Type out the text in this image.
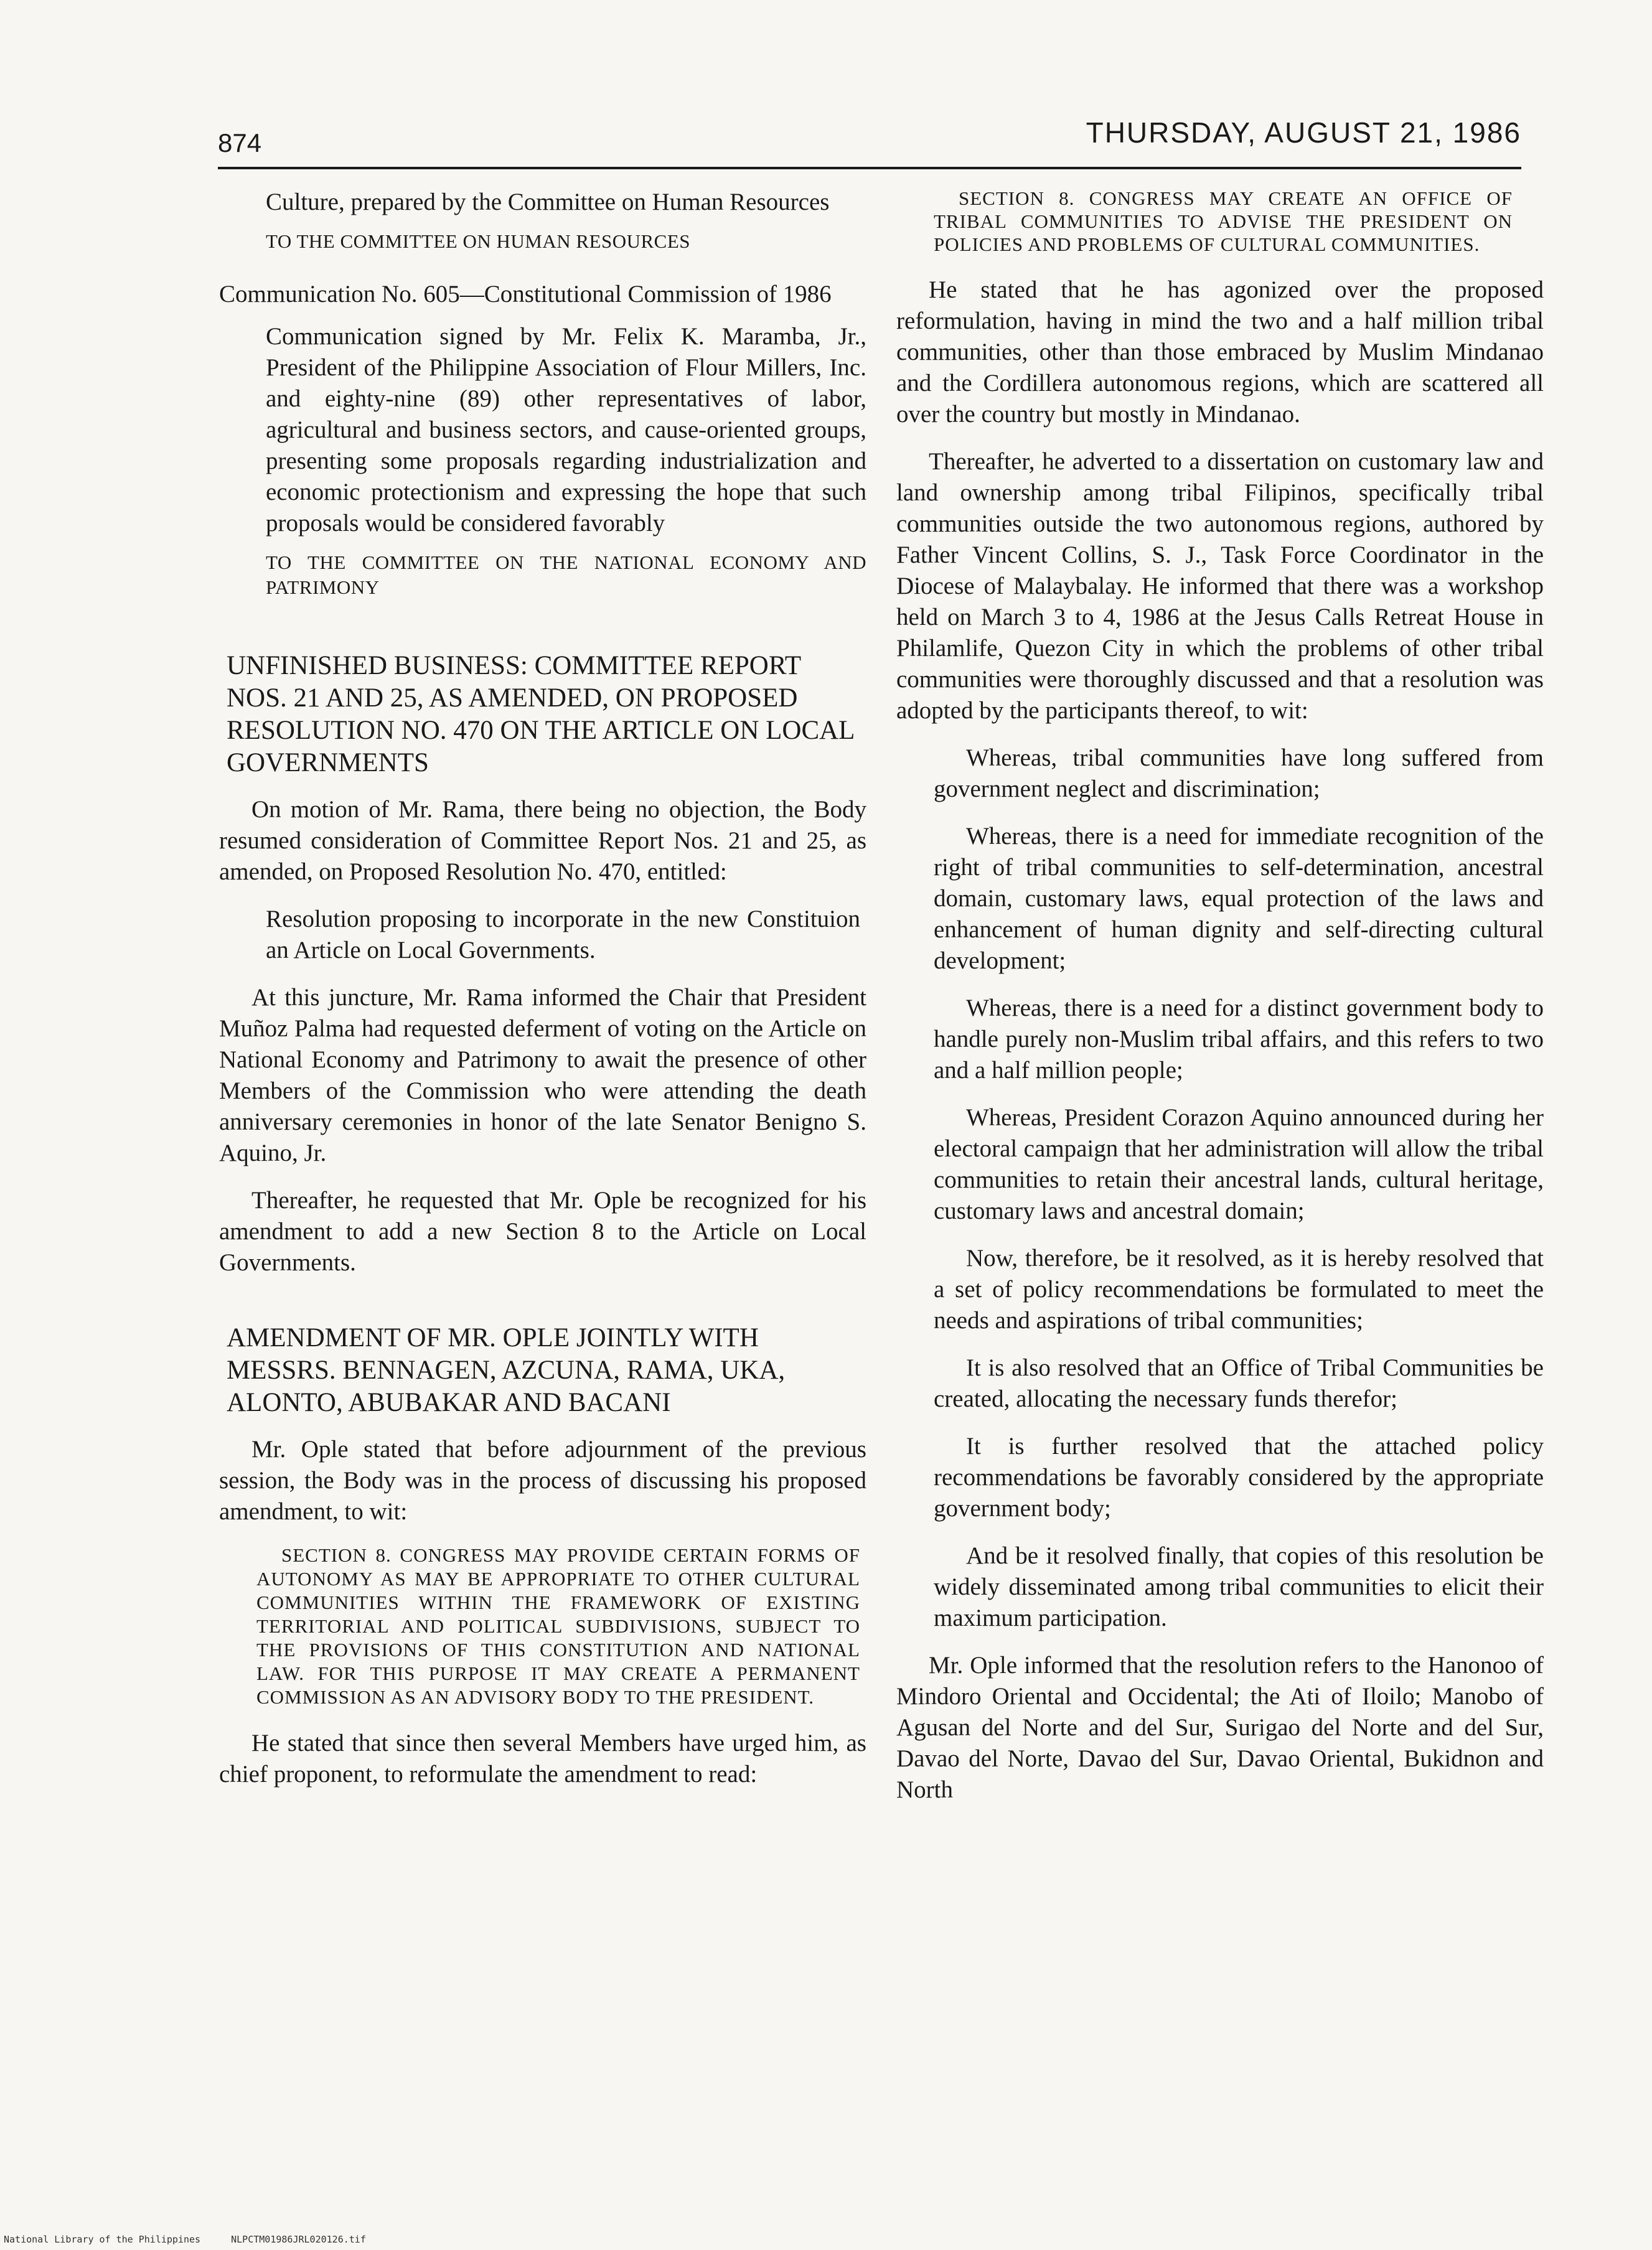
874	THURSDAY, AUGUST 21, 1986

Culture, prepared by the Committee on Human Resources

TO THE COMMITTEE ON HUMAN RESOURCES

Communication No. 605—Constitutional Commission of 1986

Communication signed by Mr. Felix K. Maramba, Jr., President of the Philippine Association of Flour Millers, Inc. and eighty-nine (89) other representatives of labor, agricultural and business sectors, and cause-oriented groups, presenting some proposals regarding industrialization and economic protectionism and expressing the hope that such proposals would be considered favorably

TO THE COMMITTEE ON THE NATIONAL ECONOMY AND PATRIMONY

UNFINISHED BUSINESS: COMMITTEE REPORT NOS. 21 AND 25, AS AMENDED, ON PROPOSED RESOLUTION NO. 470 ON THE ARTICLE ON LOCAL GOVERNMENTS

On motion of Mr. Rama, there being no objection, the Body resumed consideration of Committee Report Nos. 21 and 25, as amended, on Proposed Resolution No. 470, entitled:

Resolution proposing to incorporate in the new Constituion an Article on Local Governments.

At this juncture, Mr. Rama informed the Chair that President Muñoz Palma had requested deferment of voting on the Article on National Economy and Patrimony to await the presence of other Members of the Commission who were attending the death anniversary ceremonies in honor of the late Senator Benigno S. Aquino, Jr.

Thereafter, he requested that Mr. Ople be recognized for his amendment to add a new Section 8 to the Article on Local Governments.

AMENDMENT OF MR. OPLE JOINTLY WITH MESSRS. BENNAGEN, AZCUNA, RAMA, UKA, ALONTO, ABUBAKAR AND BACANI

Mr. Ople stated that before adjournment of the previous session, the Body was in the process of discussing his proposed amendment, to wit:

SECTION 8. CONGRESS MAY PROVIDE CERTAIN FORMS OF AUTONOMY AS MAY BE APPROPRIATE TO OTHER CULTURAL COMMUNITIES WITHIN THE FRAMEWORK OF EXISTING TERRITORIAL AND POLITICAL SUBDIVISIONS, SUBJECT TO THE PROVISIONS OF THIS CONSTITUTION AND NATIONAL LAW. FOR THIS PURPOSE IT MAY CREATE A PERMANENT COMMISSION AS AN ADVISORY BODY TO THE PRESIDENT.

He stated that since then several Members have urged him, as chief proponent, to reformulate the amendment to read:

SECTION 8. CONGRESS MAY CREATE AN OFFICE OF TRIBAL COMMUNITIES TO ADVISE THE PRESIDENT ON POLICIES AND PROBLEMS OF CULTURAL COMMUNITIES.

He stated that he has agonized over the proposed reformulation, having in mind the two and a half million tribal communities, other than those embraced by Muslim Mindanao and the Cordillera autonomous regions, which are scattered all over the country but mostly in Mindanao.

Thereafter, he adverted to a dissertation on customary law and land ownership among tribal Filipinos, specifically tribal communities outside the two autonomous regions, authored by Father Vincent Collins, S. J., Task Force Coordinator in the Diocese of Malaybalay. He informed that there was a workshop held on March 3 to 4, 1986 at the Jesus Calls Retreat House in Philamlife, Quezon City in which the problems of other tribal communities were thoroughly discussed and that a resolution was adopted by the participants thereof, to wit:

Whereas, tribal communities have long suffered from government neglect and discrimination;

Whereas, there is a need for immediate recognition of the right of tribal communities to self-determination, ancestral domain, customary laws, equal protection of the laws and enhancement of human dignity and self-directing cultural development;

Whereas, there is a need for a distinct government body to handle purely non-Muslim tribal affairs, and this refers to two and a half million people;

Whereas, President Corazon Aquino announced during her electoral campaign that her administration will allow the tribal communities to retain their ancestral lands, cultural heritage, customary laws and ancestral domain;

Now, therefore, be it resolved, as it is hereby resolved that a set of policy recommendations be formulated to meet the needs and aspirations of tribal communities;

It is also resolved that an Office of Tribal Communities be created, allocating the necessary funds therefor;

It is further resolved that the attached policy recommendations be favorably considered by the appropriate government body;

And be it resolved finally, that copies of this resolution be widely disseminated among tribal communities to elicit their maximum participation.

Mr. Ople informed that the resolution refers to the Hanonoo of Mindoro Oriental and Occidental; the Ati of Iloilo; Manobo of Agusan del Norte and del Sur, Surigao del Norte and del Sur, Davao del Norte, Davao del Sur, Davao Oriental, Bukidnon and North

National Library of the Philippines	NLPCTM01986JRL020126.tif
